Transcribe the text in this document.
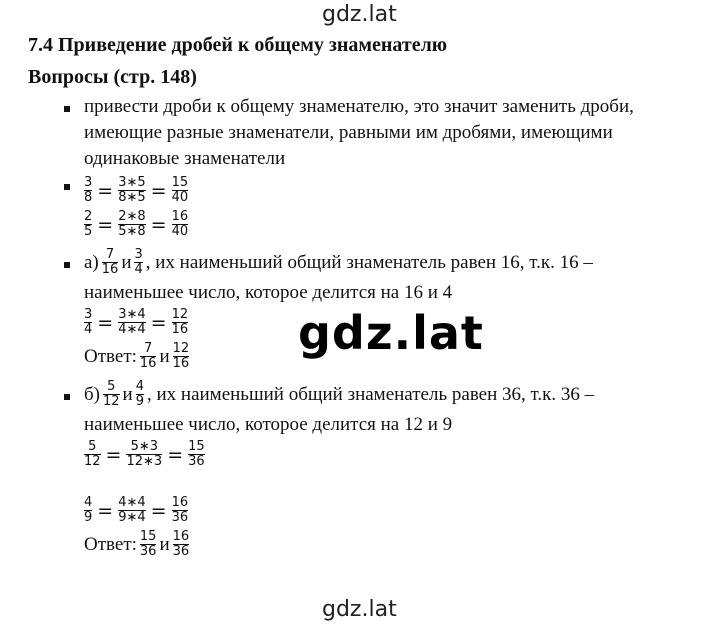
gdz.lat
gdz.lat
gdz.lat
7.4 Приведение дробей к общему знаменателю
Вопросы (стр. 148)
привести дроби к общему знаменателю, это значит заменить дроби,
имеющие разные знаменатели, равными им дробями, имеющими
одинаковые знаменатели
$\frac{3}{8} = \frac{3∗5}{8∗5} = \frac{15}{40}$
$\frac{2}{5} = \frac{2∗8}{5∗8} = \frac{16}{40}$
$а) \frac{7}{16}$ и $\frac{3}{4}$ , их наименьший общий знаменатель равен 16, т.к. 16 –
наименьшее число, которое делится на 16 и 4
$\frac{3}{4} = \frac{3∗4}{4∗4} = \frac{12}{16}$
Ответ: $\frac{7}{16}$ и $\frac{12}{16}$
$б) \frac{5}{12}$ и $\frac{4}{9}$ , их наименьший общий знаменатель равен 36, т.к. 36 –
наименьшее число, которое делится на 12 и 9
$\frac{5}{12} = \frac{5∗3}{12∗3} = \frac{15}{36}$
$\frac{4}{9} = \frac{4∗4}{9∗4} = \frac{16}{36}$
Ответ: $\frac{15}{36}$ и $\frac{16}{36}$
